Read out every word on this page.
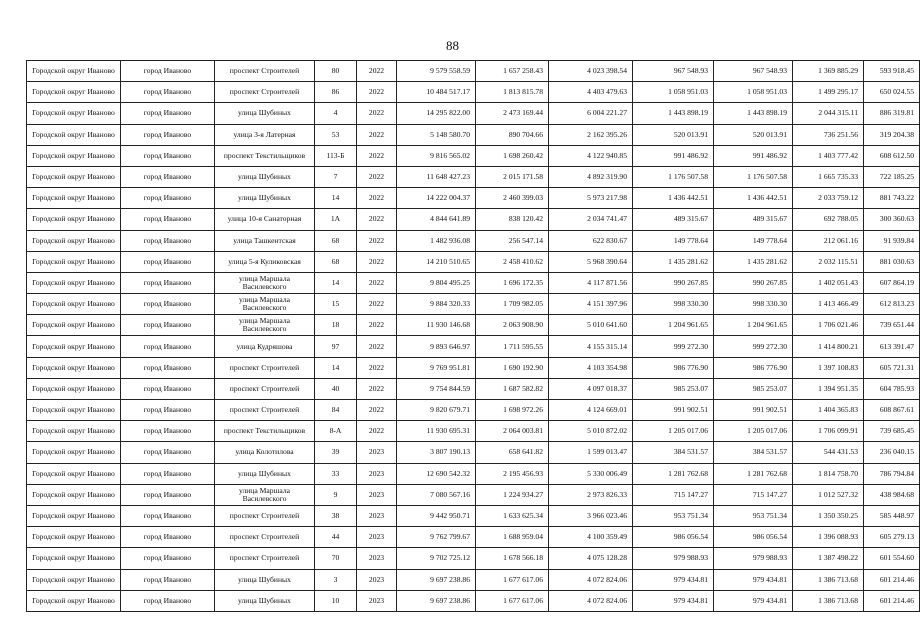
88
Городской округ Иваново	город Иваново	проспект Строителей	80	2022	9 579 558.59	1 657 258.43	4 023 398.54	967 548.93	967 548.93	1 369 885.29	593 918.45
Городской округ Иваново	город Иваново	проспект Строителей	86	2022	10 484 517.17	1 813 815.78	4 403 479.63	1 058 951.03	1 058 951.03	1 499 295.17	650 024.55
Городской округ Иваново	город Иваново	улица Шубиных	4	2022	14 295 822.00	2 473 169.44	6 004 221.27	1 443 898.19	1 443 898.19	2 044 315.11	886 319.81
Городской округ Иваново	город Иваново	улица 3-я Латерная	53	2022	5 148 580.70	890 704.66	2 162 395.26	520 013.91	520 013.91	736 251.56	319 204.38
Городской округ Иваново	город Иваново	проспект Текстильщиков	113-Б	2022	9 816 565.02	1 698 260.42	4 122 940.85	991 486.92	991 486.92	1 403 777.42	608 612.50
Городской округ Иваново	город Иваново	улица Шубиных	7	2022	11 648 427.23	2 015 171.58	4 892 319.90	1 176 507.58	1 176 507.58	1 665 735.33	722 185.25
Городской округ Иваново	город Иваново	улица Шубиных	14	2022	14 222 004.37	2 460 399.03	5 973 217.98	1 436 442.51	1 436 442.51	2 033 759.12	881 743.22
Городской округ Иваново	город Иваново	улица 10-я Санаторная	1А	2022	4 844 641.89	838 120.42	2 034 741.47	489 315.67	489 315.67	692 788.05	300 360.63
Городской округ Иваново	город Иваново	улица Ташкентская	68	2022	1 482 936.08	256 547.14	622 830.67	149 778.64	149 778.64	212 061.16	91 939.84
Городской округ Иваново	город Иваново	улица 5-я Куликовская	68	2022	14 210 510.65	2 458 410.62	5 968 390.64	1 435 281.62	1 435 281.62	2 032 115.51	881 030.63
Городской округ Иваново	город Иваново	улица Маршала Василевского	14	2022	9 804 495.25	1 696 172.35	4 117 871.56	990 267.85	990 267.85	1 402 051.43	607 864.19
Городской округ Иваново	город Иваново	улица Маршала Василевского	15	2022	9 884 320.33	1 709 982.05	4 151 397.96	998 330.30	998 330.30	1 413 466.49	612 813.23
Городской округ Иваново	город Иваново	улица Маршала Василевского	18	2022	11 930 146.68	2 063 908.90	5 010 641.60	1 204 961.65	1 204 961.65	1 706 021.46	739 651.44
Городской округ Иваново	город Иваново	улица Кудряшова	97	2022	9 893 646.97	1 711 595.55	4 155 315.14	999 272.30	999 272.30	1 414 800.21	613 391.47
Городской округ Иваново	город Иваново	проспект Строителей	14	2022	9 769 951.81	1 690 192.90	4 103 354.98	986 776.90	986 776.90	1 397 108.83	605 721.31
Городской округ Иваново	город Иваново	проспект Строителей	40	2022	9 754 844.59	1 687 582.82	4 097 018.37	985 253.07	985 253.07	1 394 951.35	604 785.93
Городской округ Иваново	город Иваново	проспект Строителей	84	2022	9 820 679.71	1 698 972.26	4 124 669.01	991 902.51	991 902.51	1 404 365.83	608 867.61
Городской округ Иваново	город Иваново	проспект Текстильщиков	8-А	2022	11 930 695.31	2 064 003.81	5 010 872.02	1 205 017.06	1 205 017.06	1 706 099.91	739 685.45
Городской округ Иваново	город Иваново	улица Колотилова	39	2023	3 807 190.13	658 641.82	1 599 013.47	384 531.57	384 531.57	544 431.53	236 040.15
Городской округ Иваново	город Иваново	улица Шубиных	33	2023	12 690 542.32	2 195 456.93	5 330 006.49	1 281 762.68	1 281 762.68	1 814 758.70	786 794.84
Городской округ Иваново	город Иваново	улица Маршала Василевского	9	2023	7 080 567.16	1 224 934.27	2 973 826.33	715 147.27	715 147.27	1 012 527.32	438 984.68
Городской округ Иваново	город Иваново	проспект Строителей	38	2023	9 442 950.71	1 633 625.34	3 966 023.46	953 751.34	953 751.34	1 350 350.25	585 448.97
Городской округ Иваново	город Иваново	проспект Строителей	44	2023	9 762 799.67	1 688 959.04	4 100 359.49	986 056.54	986 056.54	1 396 088.93	605 279.13
Городской округ Иваново	город Иваново	проспект Строителей	70	2023	9 702 725.12	1 678 566.18	4 075 128.28	979 988.93	979 988.93	1 387 498.22	601 554.60
Городской округ Иваново	город Иваново	улица Шубиных	3	2023	9 697 238.86	1 677 617.06	4 072 824.06	979 434.81	979 434.81	1 386 713.68	601 214.46
Городской округ Иваново	город Иваново	улица Шубиных	10	2023	9 697 238.86	1 677 617.06	4 072 824.06	979 434.81	979 434.81	1 386 713.68	601 214.46
